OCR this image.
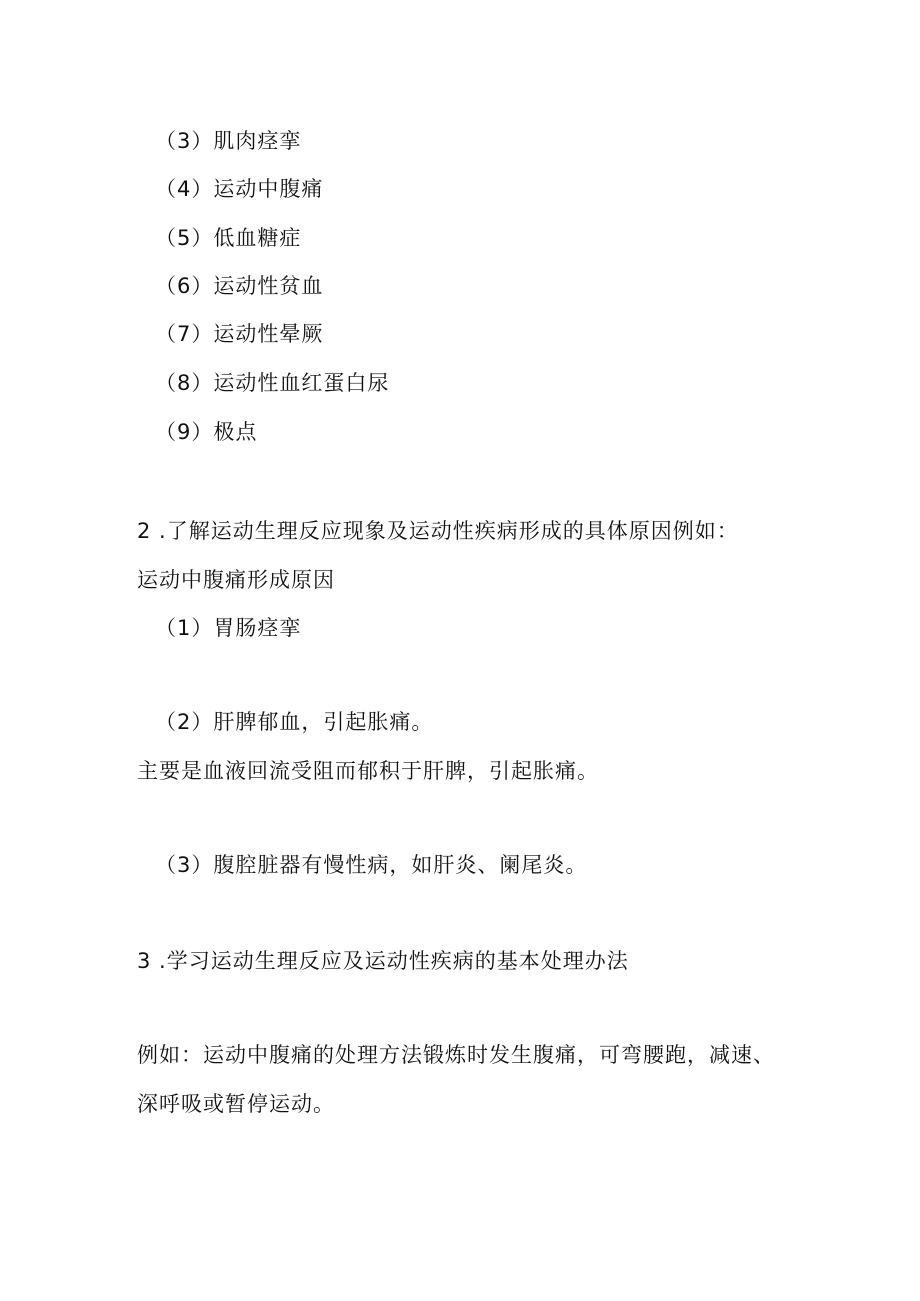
（3）肌肉痉挛
（4）运动中腹痛
（5）低血糖症
（6）运动性贫血
（7）运动性晕厥
（8）运动性血红蛋白尿
（9）极点
2 .了解运动生理反应现象及运动性疾病形成的具体原因例如：
运动中腹痛形成原因
（1）胃肠痉挛
（2）肝脾郁血，引起胀痛。
主要是血液回流受阻而郁积于肝脾，引起胀痛。
（3）腹腔脏器有慢性病，如肝炎、阑尾炎。
3 .学习运动生理反应及运动性疾病的基本处理办法
例如：运动中腹痛的处理方法锻炼时发生腹痛，可弯腰跑，减速、
深呼吸或暂停运动。
